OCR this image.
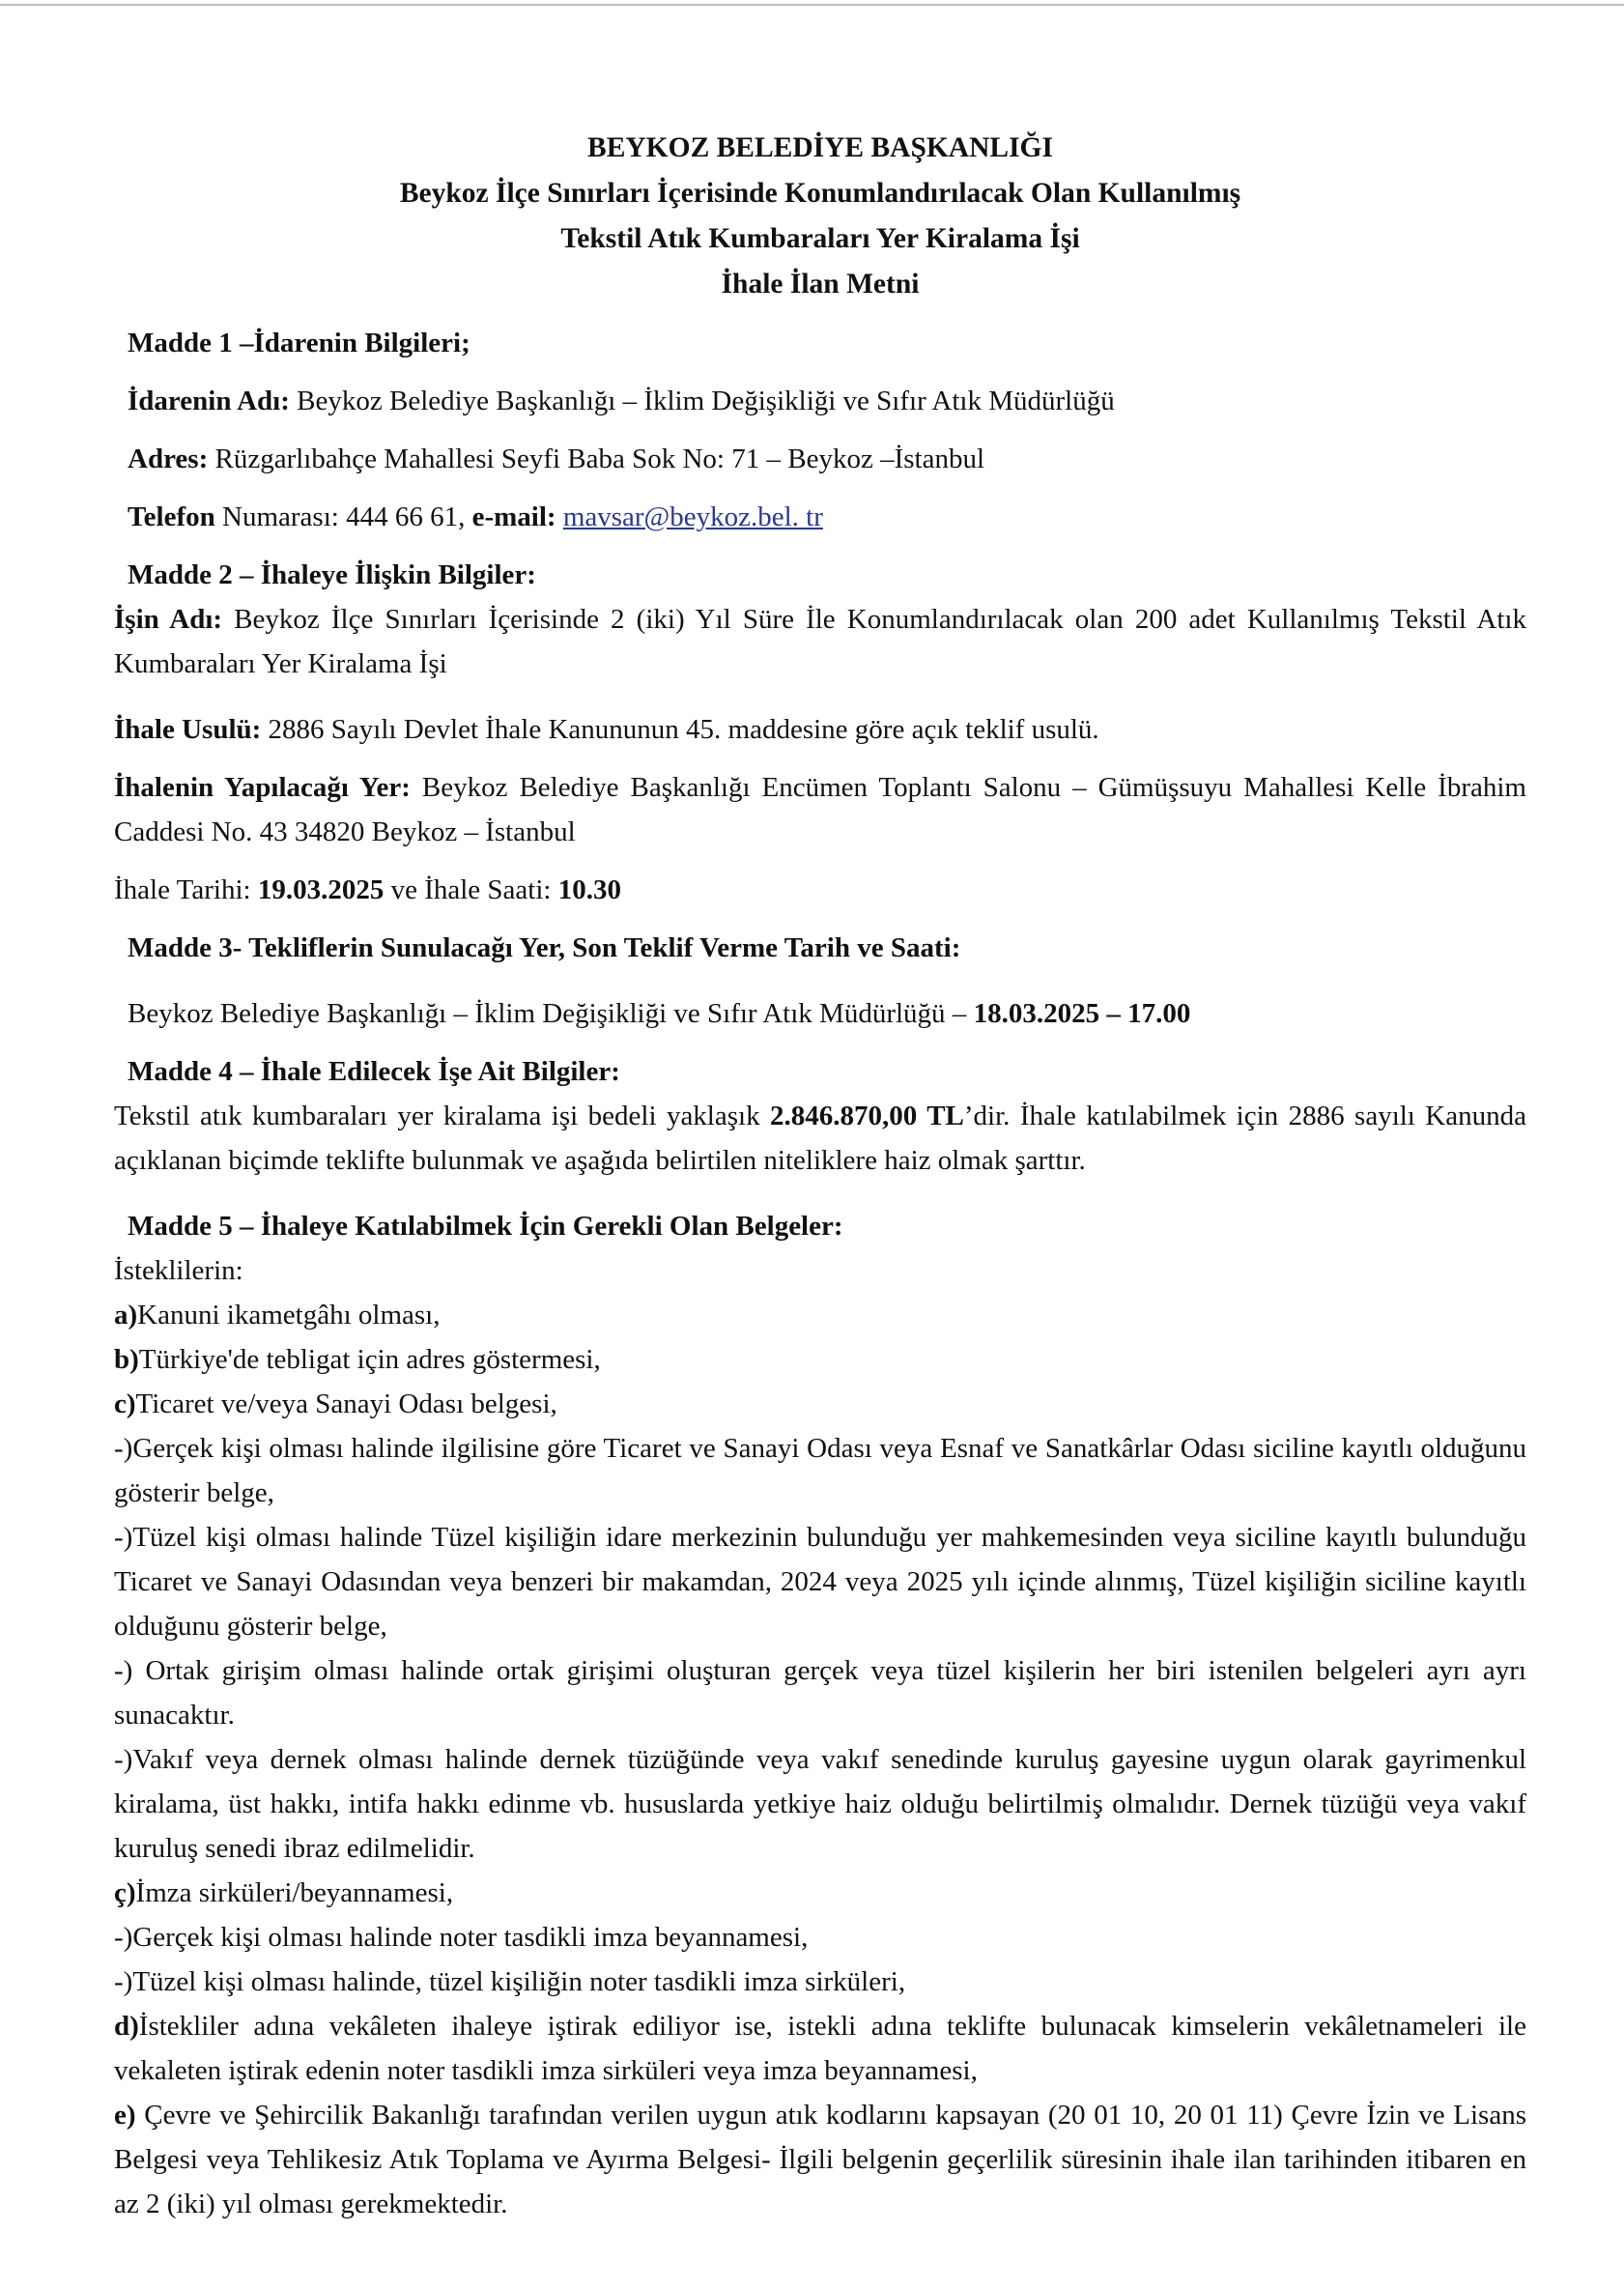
BEYKOZ BELEDİYE BAŞKANLIĞI
Beykoz İlçe Sınırları İçerisinde Konumlandırılacak Olan Kullanılmış
Tekstil Atık Kumbaraları Yer Kiralama İşi
İhale İlan Metni

Madde 1 –İdarenin Bilgileri;

İdarenin Adı: Beykoz Belediye Başkanlığı – İklim Değişikliği ve Sıfır Atık Müdürlüğü

Adres: Rüzgarlıbahçe Mahallesi Seyfi Baba Sok No: 71 – Beykoz –İstanbul

Telefon Numarası: 444 66 61, e-mail: mavsar@beykoz.bel. tr

Madde 2 – İhaleye İlişkin Bilgiler:

İşin Adı: Beykoz İlçe Sınırları İçerisinde 2 (iki) Yıl Süre İle Konumlandırılacak olan 200 adet Kullanılmış Tekstil Atık Kumbaraları Yer Kiralama İşi

İhale Usulü: 2886 Sayılı Devlet İhale Kanununun 45. maddesine göre açık teklif usulü.

İhalenin Yapılacağı Yer: Beykoz Belediye Başkanlığı Encümen Toplantı Salonu – Gümüşsuyu Mahallesi Kelle İbrahim Caddesi No. 43 34820 Beykoz – İstanbul

İhale Tarihi: 19.03.2025 ve İhale Saati: 10.30

Madde 3- Tekliflerin Sunulacağı Yer, Son Teklif Verme Tarih ve Saati:

Beykoz Belediye Başkanlığı – İklim Değişikliği ve Sıfır Atık Müdürlüğü – 18.03.2025 – 17.00

Madde 4 – İhale Edilecek İşe Ait Bilgiler:

Tekstil atık kumbaraları yer kiralama işi bedeli yaklaşık 2.846.870,00 TL’dir. İhale katılabilmek için 2886 sayılı Kanunda açıklanan biçimde teklifte bulunmak ve aşağıda belirtilen niteliklere haiz olmak şarttır.

Madde 5 – İhaleye Katılabilmek İçin Gerekli Olan Belgeler:

İsteklilerin:

a)Kanuni ikametgâhı olması,

b)Türkiye'de tebligat için adres göstermesi,

c)Ticaret ve/veya Sanayi Odası belgesi,

-)Gerçek kişi olması halinde ilgilisine göre Ticaret ve Sanayi Odası veya Esnaf ve Sanatkârlar Odası siciline kayıtlı olduğunu gösterir belge,

-)Tüzel kişi olması halinde Tüzel kişiliğin idare merkezinin bulunduğu yer mahkemesinden veya siciline kayıtlı bulunduğu Ticaret ve Sanayi Odasından veya benzeri bir makamdan, 2024 veya 2025 yılı içinde alınmış, Tüzel kişiliğin siciline kayıtlı olduğunu gösterir belge,

-) Ortak girişim olması halinde ortak girişimi oluşturan gerçek veya tüzel kişilerin her biri istenilen belgeleri ayrı ayrı sunacaktır.

-)Vakıf veya dernek olması halinde dernek tüzüğünde veya vakıf senedinde kuruluş gayesine uygun olarak gayrimenkul kiralama, üst hakkı, intifa hakkı edinme vb. hususlarda yetkiye haiz olduğu belirtilmiş olmalıdır. Dernek tüzüğü veya vakıf kuruluş senedi ibraz edilmelidir.

ç)İmza sirküleri/beyannamesi,

-)Gerçek kişi olması halinde noter tasdikli imza beyannamesi,

-)Tüzel kişi olması halinde, tüzel kişiliğin noter tasdikli imza sirküleri,

d)İstekliler adına vekâleten ihaleye iştirak ediliyor ise, istekli adına teklifte bulunacak kimselerin vekâletnameleri ile vekaleten iştirak edenin noter tasdikli imza sirküleri veya imza beyannamesi,

e) Çevre ve Şehircilik Bakanlığı tarafından verilen uygun atık kodlarını kapsayan (20 01 10, 20 01 11) Çevre İzin ve Lisans Belgesi veya Tehlikesiz Atık Toplama ve Ayırma Belgesi- İlgili belgenin geçerlilik süresinin ihale ilan tarihinden itibaren en az 2 (iki) yıl olması gerekmektedir.
